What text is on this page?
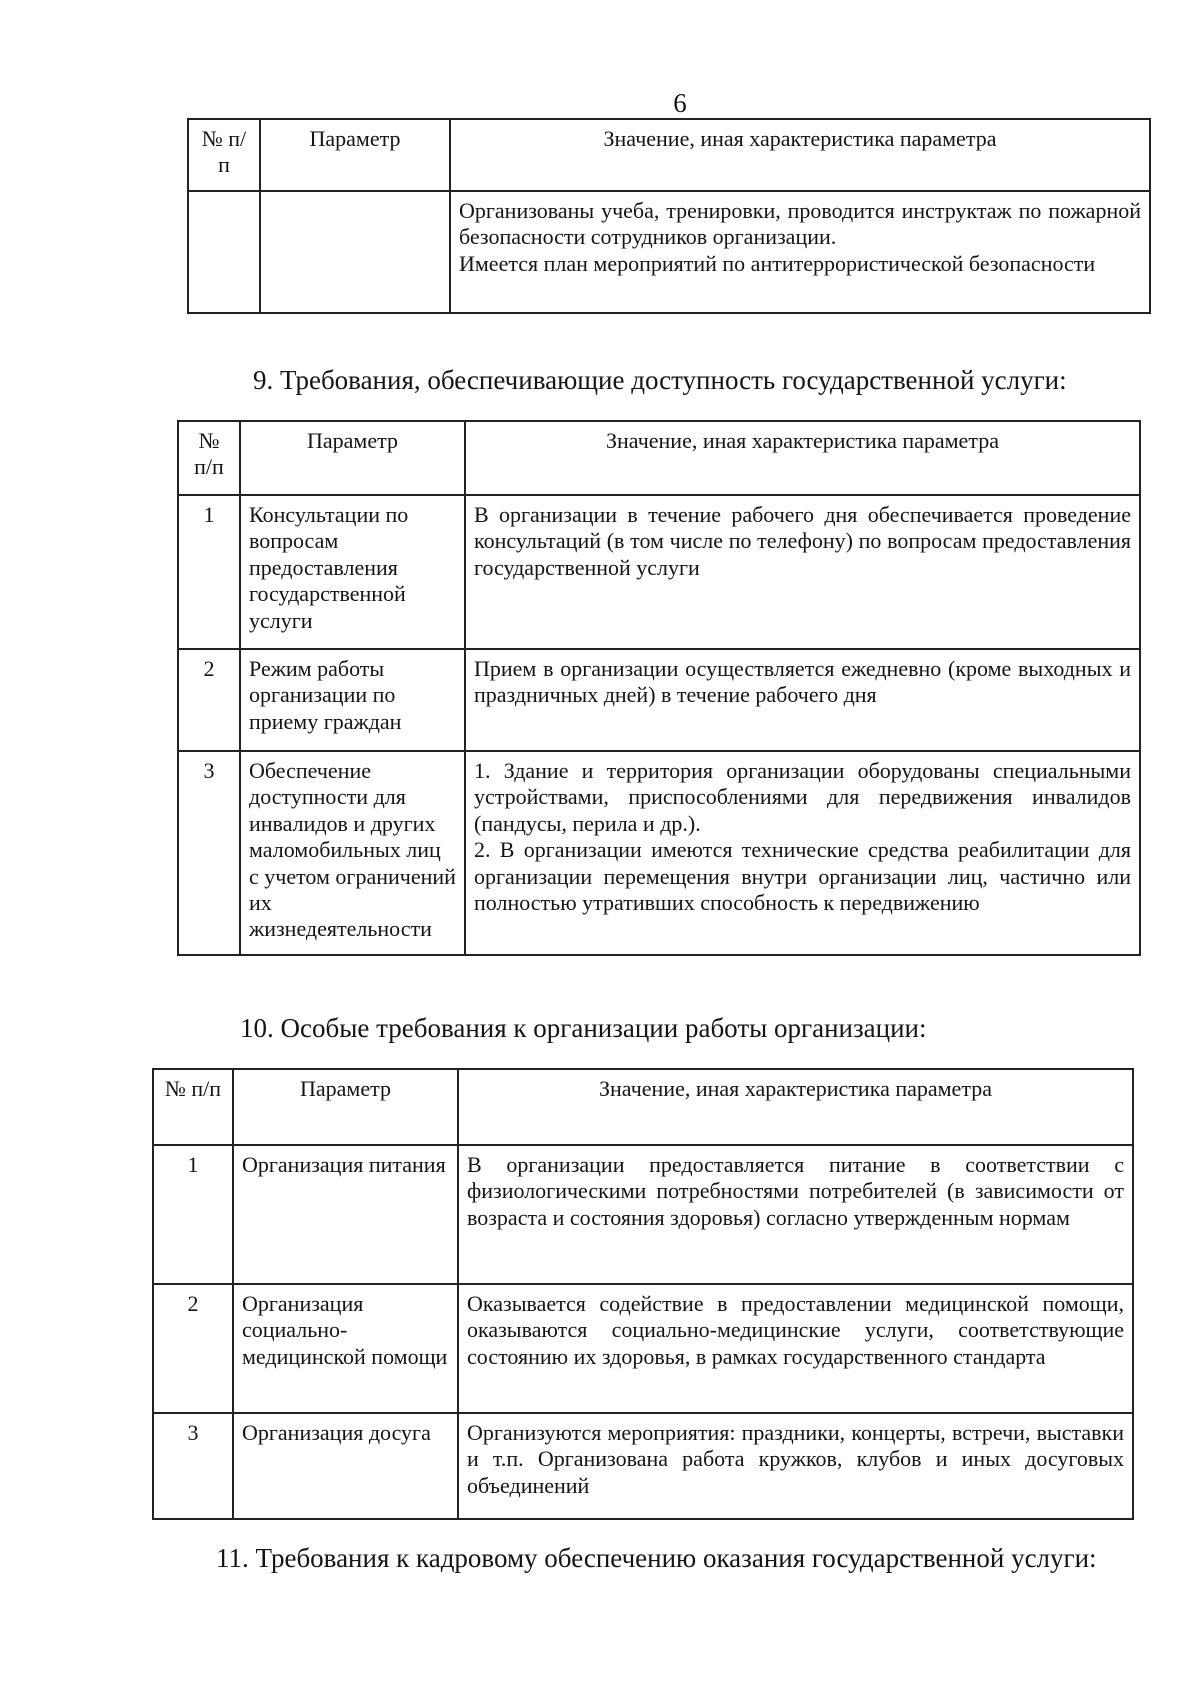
6
№ п/п	Параметр	Значение, иная характеристика параметра

		Организованы учеба, тренировки, проводится инструктаж по пожарной безопасности сотрудников организации.
Имеется план мероприятий по антитеррористической безопасности
9. Требования, обеспечивающие доступность государственной услуги:
№ п/п	Параметр	Значение, иная характеристика параметра
1	Консультации по вопросам предоставления государственной услуги	В организации в течение рабочего дня обеспечивается проведение консультаций (в том числе по телефону) по вопросам предоставления государственной услуги
2	Режим работы организации по приему граждан	Прием в организации осуществляется ежедневно (кроме выходных и праздничных дней) в течение рабочего дня
3	Обеспечение доступности для инвалидов и других маломобильных лиц с учетом ограничений их жизнедеятельности	1. Здание и территория организации оборудованы специальными устройствами, приспособлениями для передвижения инвалидов (пандусы, перила и др.).
2. В организации имеются технические средства реабилитации для организации перемещения внутри организации лиц, частично или полностью утративших способность к передвижению
10. Особые требования к организации работы организации:
№ п/п	Параметр	Значение, иная характеристика параметра
1	Организация питания	В организации предоставляется питание в соответствии с физиологическими потребностями потребителей (в зависимости от возраста и состояния здоровья) согласно утвержденным нормам
2	Организация социально-медицинской помощи	Оказывается содействие в предоставлении медицинской помощи, оказываются социально-медицинские услуги, соответствующие состоянию их здоровья, в рамках государственного стандарта
3	Организация досуга	Организуются мероприятия: праздники, концерты, встречи, выставки и т.п. Организована работа кружков, клубов и иных досуговых объединений
11. Требования к кадровому обеспечению оказания государственной услуги:
